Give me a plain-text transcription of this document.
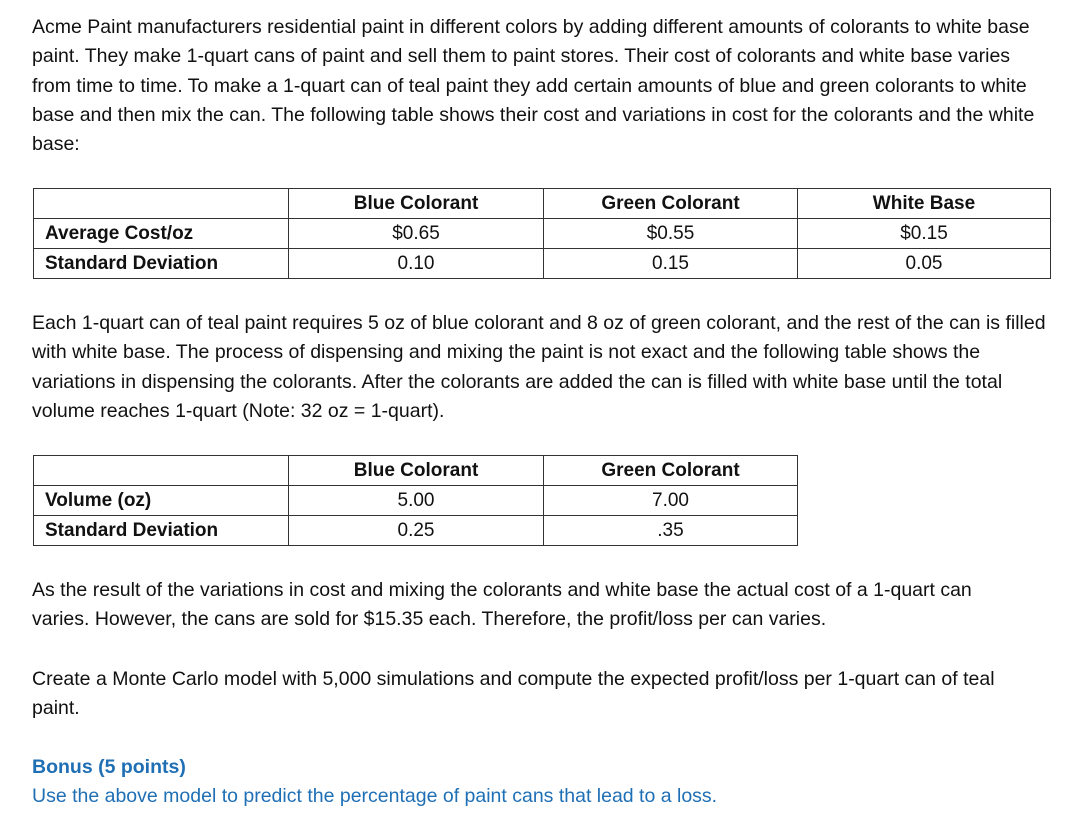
Acme Paint manufacturers residential paint in different colors by adding different amounts of colorants to white base paint. They make 1-quart cans of paint and sell them to paint stores. Their cost of colorants and white base varies from time to time. To make a 1-quart can of teal paint they add certain amounts of blue and green colorants to white base and then mix the can. The following table shows their cost and variations in cost for the colorants and the white base:

Each 1-quart can of teal paint requires 5 oz of blue colorant and 8 oz of green colorant, and the rest of the can is filled with white base. The process of dispensing and mixing the paint is not exact and the following table shows the variations in dispensing the colorants. After the colorants are added the can is filled with white base until the total volume reaches 1-quart (Note: 32 oz = 1-quart).

As the result of the variations in cost and mixing the colorants and white base the actual cost of a 1-quart can varies. However, the cans are sold for $15.35 each. Therefore, the profit/loss per can varies.

Create a Monte Carlo model with 5,000 simulations and compute the expected profit/loss per 1-quart can of teal paint.

Bonus (5 points)

Use the above model to predict the percentage of paint cans that lead to a loss.

	Blue Colorant	Green Colorant	White Base
Average Cost/oz	$0.65	$0.55	$0.15
Standard Deviation	0.10	0.15	0.05
	Blue Colorant	Green Colorant
Volume (oz)	5.00	7.00
Standard Deviation	0.25	.35
